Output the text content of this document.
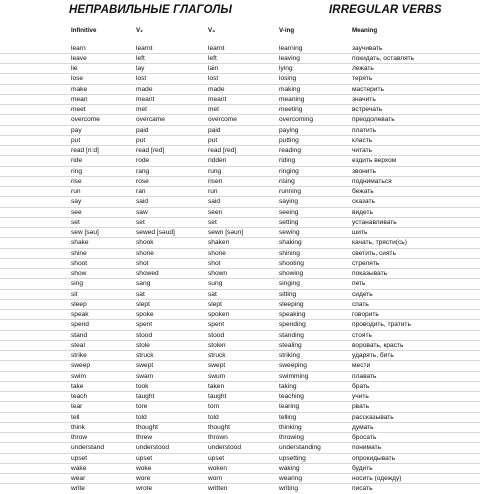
НЕПРАВИЛЬНЫЕ ГЛАГОЛЫ	IRREGULAR VERBS
Infinitive	V₂	V₃	V-ing	Meaning
learn	learnt	learnt	learning	заучивать
leave	left	left	leaving	покидать, оставлять
lie	lay	lain	lying	лежать
lose	lost	lost	losing	терять
make	made	made	making	мастерить
mean	meant	meant	meaning	значить
meet	met	met	meeting	встречать
overcome	overcame	overcome	overcoming	преодолевать
pay	paid	paid	paying	платить
put	put	put	putting	класть
read [ri:d]	read [red]	read [red]	reading	читать
ride	rode	ridden	riding	ездить верхом
ring	rang	rung	ringing	звонить
rise	rose	risen	rising	подниматься
run	ran	run	running	бежать
say	said	said	saying	сказать
see	saw	seen	seeing	видеть
set	set	set	setting	устанавливать
sew [səu]	sewed [səud]	sewn [səun]	sewing	шить
shake	shook	shaken	shaking	качать, трясти(сь)
shine	shone	shone	shining	светить, сиять
shoot	shot	shot	shooting	стрелять
show	showed	shown	showing	показывать
sing	sang	sung	singing	петь
sit	sat	sat	sitting	сидеть
sleep	slept	slept	sleeping	спать
speak	spoke	spoken	speaking	говорить
spend	spent	spent	spending	проводить, тратить
stand	stood	stood	standing	стоять
steal	stole	stolen	stealing	воровать, красть
strike	struck	struck	striking	ударять, бить
sweep	swept	swept	sweeping	мести
swim	swam	swum	swimming	плавать
take	took	taken	taking	брать
teach	taught	taught	teaching	учить
tear	tore	torn	tearing	рвать
tell	told	told	telling	рассказывать
think	thought	thought	thinking	думать
throw	threw	thrown	throwing	бросать
understand	understood	understood	understanding	понимать
upset	upset	upset	upsetting	опрокидывать
wake	woke	woken	waking	будить
wear	wore	worn	wearing	носить (одежду)
write	wrote	written	writing	писать
